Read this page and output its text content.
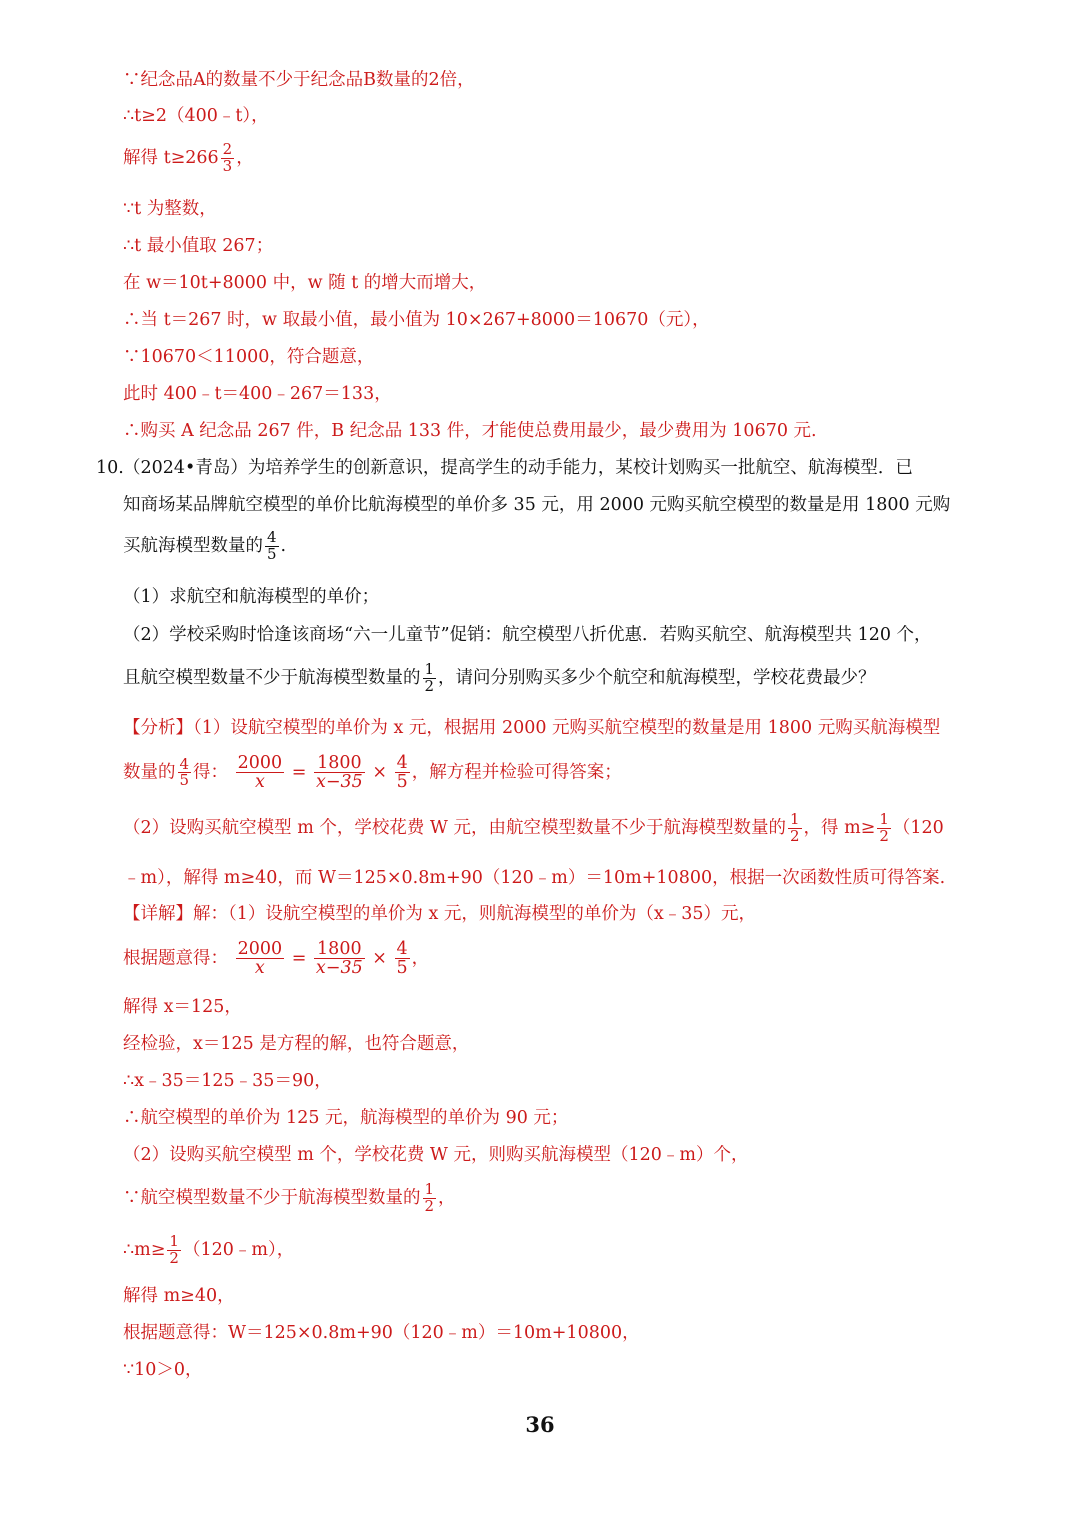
∵纪念品A的数量不少于纪念品B数量的2倍，
∴t≥2（400﹣t），
解得 $t\ge 266 \frac{2}{3}$ ，
∵t 为整数，
∴t 最小值取 267；
在 w＝10t+8000 中，w 随 t 的增大而增大，
∴当 t＝267 时，w 取最小值，最小值为 10×267+8000＝10670（元），
∵10670＜11000，符合题意，
此时 400﹣t＝400﹣267＝133，
∴购买 A 纪念品 267 件，B 纪念品 133 件，才能使总费用最少，最少费用为 10670 元.
10. （2024•青岛）为培养学生的创新意识，提高学生的动手能力，某校计划购买一批航空、航海模型．已
知商场某品牌航空模型的单价比航海模型的单价多 35 元，用 2000 元购买航空模型的数量是用 1800 元购
买航海模型数量的 $\frac{4}{5}$ .
（1）求航空和航海模型的单价；
（2）学校采购时恰逢该商场“六一儿童节”促销：航空模型八折优惠．若购买航空、航海模型共 120 个，
且航空模型数量不少于航海模型数量的 $\frac{1}{2}$ ，请问分别购买多少个航空和航海模型，学校花费最少？
【分析】（1）设航空模型的单价为 x 元，根据用 2000 元购买航空模型的数量是用 1800 元购买航海模型
数量的 $\frac{4}{5}$ 得： $\frac{2000}{x} = \frac{1800}{x-35} \times \frac{4}{5}$ ，解方程并检验可得答案；
（2）设购买航空模型 m 个，学校花费 W 元，由航空模型数量不少于航海模型数量的 $\frac{1}{2}$ ，得 $m\ge \frac{1}{2} (120$
﹣m），解得 m≥40，而 W＝125×0.8m+90（120﹣m）＝10m+10800，根据一次函数性质可得答案.
【详解】解：（1）设航空模型的单价为 x 元，则航海模型的单价为（x﹣35）元，
根据题意得： $\frac{2000}{x} = \frac{1800}{x-35} \times \frac{4}{5}$ ，
解得 x＝125，
经检验，x＝125 是方程的解，也符合题意，
∴x﹣35＝125﹣35＝90，
∴航空模型的单价为 125 元，航海模型的单价为 90 元；
（2）设购买航空模型 m 个，学校花费 W 元，则购买航海模型（120﹣m）个，
∵航空模型数量不少于航海模型数量的 $\frac{1}{2}$ ，
∴m≥ $\frac{1}{2}$ （120﹣m），
解得 m≥40，
根据题意得：W＝125×0.8m+90（120﹣m）＝10m+10800，
∵10＞0，
36
